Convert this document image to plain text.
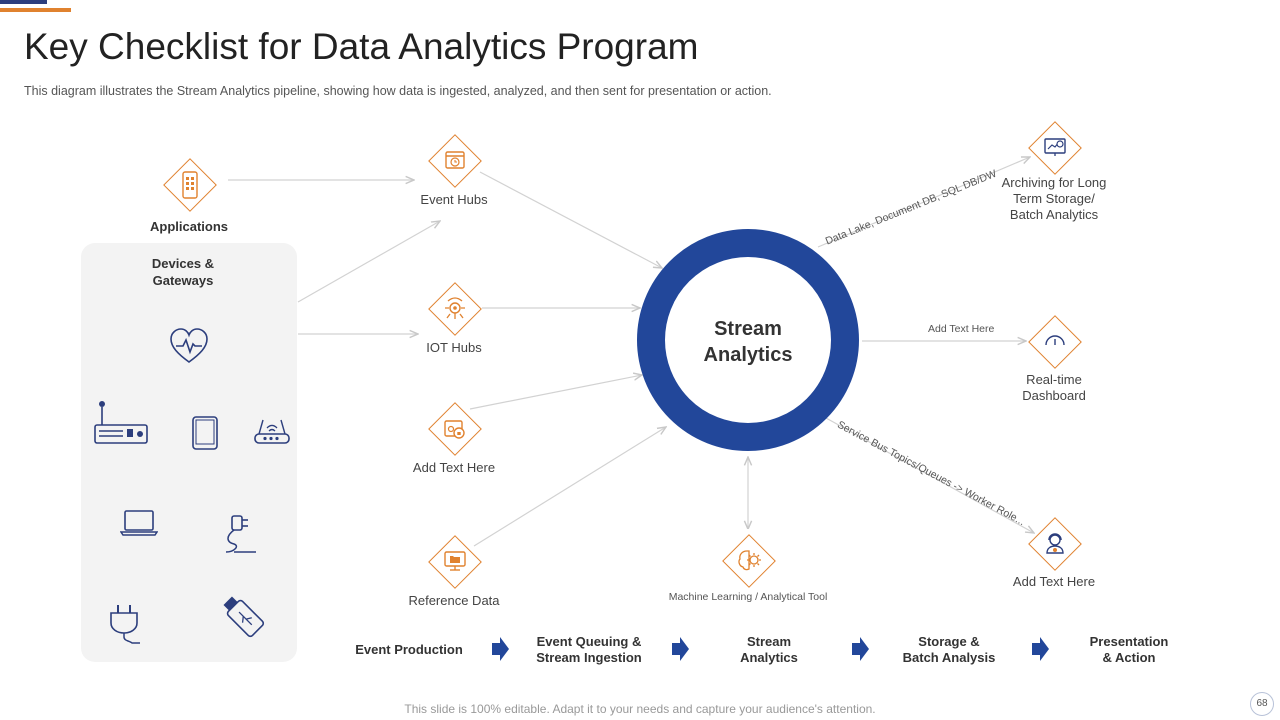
Key Checklist for Data Analytics Program
This diagram illustrates the Stream Analytics pipeline, showing how data is ingested, analyzed, and then sent for presentation or action.
Devices &
Gateways
Applications
Event Hubs
IOT Hubs
Add Text Here
Reference Data
Stream
Analytics
Machine Learning / Analytical Tool
Archiving for Long
Term Storage/
Batch Analytics
Real-time
Dashboard
Add Text Here
Data Lake, Document DB, SQL DB/DW
Add Text Here
Service Bus Topics/Queues -> Worker Role...
Event Production
Event Queuing &
Stream Ingestion
Stream
Analytics
Storage &
Batch Analysis
Presentation
& Action
This slide is 100% editable. Adapt it to your needs and capture your audience's attention.	68
